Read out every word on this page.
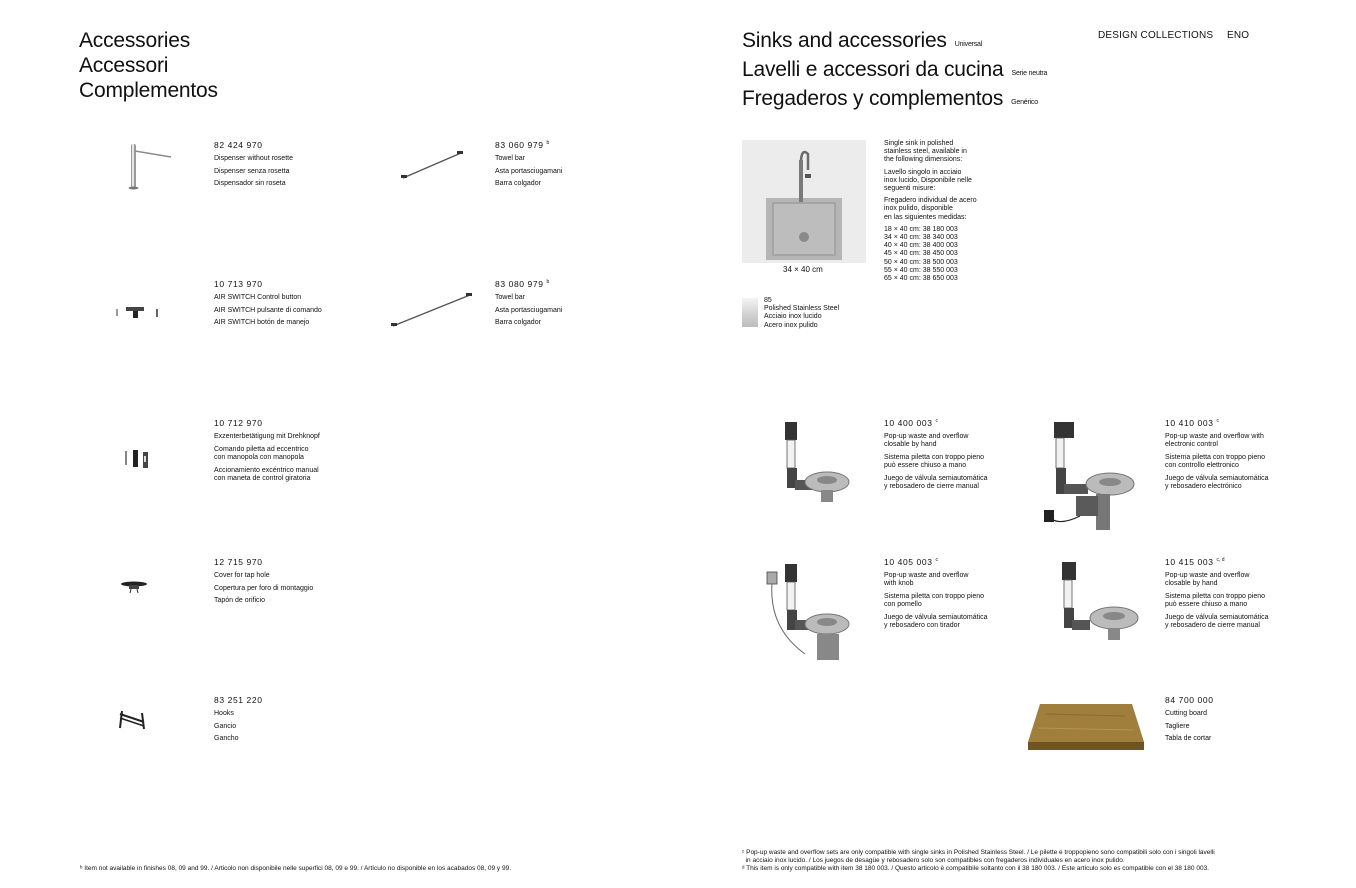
Accessories
Accessori
Complementos
82 424 970
Dispenser without rosette
Dispenser senza rosetta
Dispensador sin roseta
83 060 979 $^b$
Towel bar
Asta portasciugamani
Barra colgador
10 713 970
AIR SWITCH Control button
AIR SWITCH pulsante di comando
AIR SWITCH botón de manejo
83 080 979 $^b$
Towel bar
Asta portasciugamani
Barra colgador
10 712 970
Exzenterbetätigung mit Drehknopf
Comando piletta ad eccentrico
con manopola con manopola
Accionamiento excéntrico manual
con maneta de control giratoria
12 715 970
Cover for tap hole
Copertura per foro di montaggio
Tapón de orificio
83 251 220
Hooks
Gancio
Gancho
ᵇ Item not available in finishes 08, 09 and 99. / Articolo non disponibile nelle superfici 08, 09 e 99. / Artículo no disponible en los acabados 08, 09 y 99.
Sinks and accessories Universal
Lavelli e accessori da cucina Serie neutra
Fregaderos y complementos Genérico
DESIGN COLLECTIONS ENO
34 × 40 cm
Single sink in polished
stainless steel, available in
the following dimensions:
Lavello singolo in acciaio
inox lucido, Disponibile nelle
seguenti misure:
Fregadero individual de acero
inox pulido, disponible
en las siguientes medidas:
18 × 40 cm: 38 180 003
34 × 40 cm: 38 340 003
40 × 40 cm: 38 400 003
45 × 40 cm: 38 450 003
50 × 40 cm: 38 500 003
55 × 40 cm: 38 550 003
65 × 40 cm: 38 650 003
85
Polished Stainless Steel
Acciaio inox lucido
Acero inox pulido
10 400 003 $^c$
Pop-up waste and overflow
closable by hand
Sistema piletta con troppo pieno
può essere chiuso a mano
Juego de válvula semiautomática
y rebosadero de cierre manual
10 410 003 $^c$
Pop-up waste and overflow with
electronic control
Sistema piletta con troppo pieno
con controllo elettronico
Juego de válvula semiautomática
y rebosadero electrónico
10 405 003 $^c$
Pop-up waste and overflow
with knob
Sistema piletta con troppo pieno
con pomello
Juego de válvula semiautomática
y rebosadero con tirador
10 415 003 $^{c, d}$
Pop-up waste and overflow
closable by hand
Sistema piletta con troppo pieno
può essere chiuso a mano
Juego de válvula semiautomática
y rebosadero de cierre manual
84 700 000
Cutting board
Tagliere
Tabla de cortar
ᶜ Pop-up waste and overflow sets are only compatible with single sinks in Polished Stainless Steel. / Le pilette e troppopieno sono compatibili solo con i singoli lavelli
in acciaio inox lucido. / Los juegos de desagüe y rebosadero solo son compatibles con fregaderos individuales en acero inox pulido.
ᵈ This item is only compatible with item 38 180 003. / Questo articolo è compatibile soltanto con il 38 180 003. / Este artículo solo es compatible con el 38 180 003.
